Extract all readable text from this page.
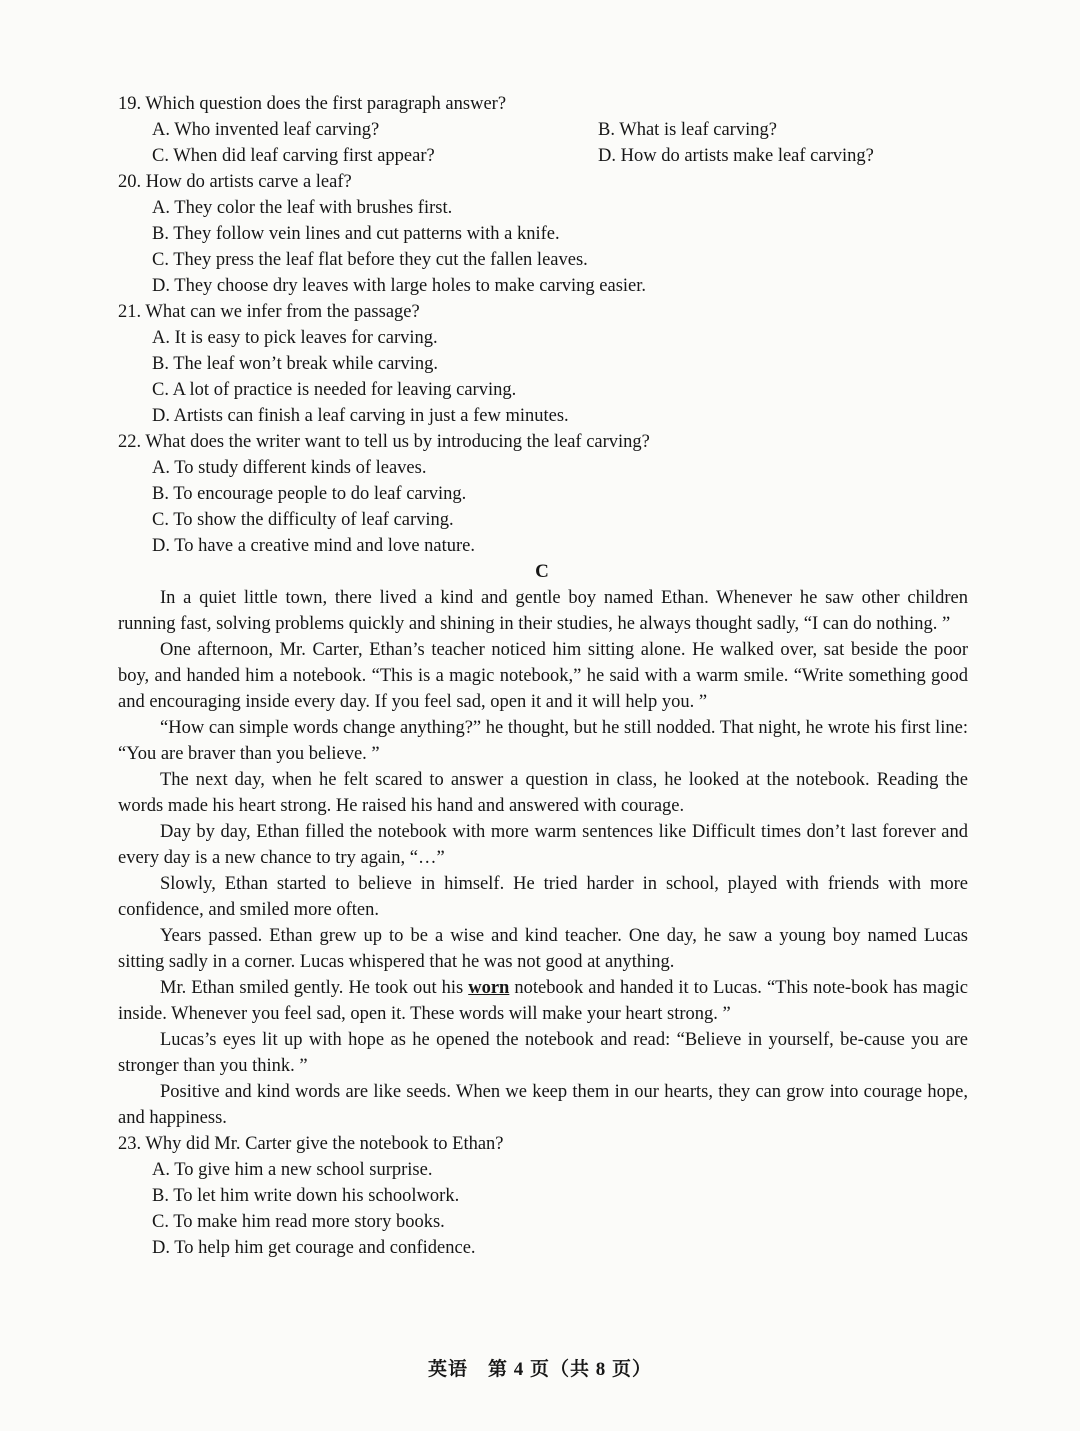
19. Which question does the first paragraph answer?
A. Who invented leaf carving?	B. What is leaf carving?
C. When did leaf carving first appear?	D. How do artists make leaf carving?
20. How do artists carve a leaf?
A. They color the leaf with brushes first.
B. They follow vein lines and cut patterns with a knife.
C. They press the leaf flat before they cut the fallen leaves.
D. They choose dry leaves with large holes to make carving easier.
21. What can we infer from the passage?
A. It is easy to pick leaves for carving.
B. The leaf won’t break while carving.
C. A lot of practice is needed for leaving carving.
D. Artists can finish a leaf carving in just a few minutes.
22. What does the writer want to tell us by introducing the leaf carving?
A. To study different kinds of leaves.
B. To encourage people to do leaf carving.
C. To show the difficulty of leaf carving.
D. To have a creative mind and love nature.
C
In a quiet little town, there lived a kind and gentle boy named Ethan. Whenever he saw other children running fast, solving problems quickly and shining in their studies, he always thought sadly, “I can do nothing. ”
One afternoon, Mr. Carter, Ethan’s teacher noticed him sitting alone. He walked over, sat beside the poor boy, and handed him a notebook. “This is a magic notebook,” he said with a warm smile. “Write something good and encouraging inside every day. If you feel sad, open it and it will help you. ”
“How can simple words change anything?” he thought, but he still nodded. That night, he wrote his first line: “You are braver than you believe. ”
The next day, when he felt scared to answer a question in class, he looked at the notebook. Reading the words made his heart strong. He raised his hand and answered with courage.
Day by day, Ethan filled the notebook with more warm sentences like Difficult times don’t last forever and every day is a new chance to try again, “…”
Slowly, Ethan started to believe in himself. He tried harder in school, played with friends with more confidence, and smiled more often.
Years passed. Ethan grew up to be a wise and kind teacher. One day, he saw a young boy named Lucas sitting sadly in a corner. Lucas whispered that he was not good at anything.
Mr. Ethan smiled gently. He took out his worn notebook and handed it to Lucas. “This note-book has magic inside. Whenever you feel sad, open it. These words will make your heart strong. ”
Lucas’s eyes lit up with hope as he opened the notebook and read: “Believe in yourself, be-cause you are stronger than you think. ”
Positive and kind words are like seeds. When we keep them in our hearts, they can grow into courage hope, and happiness.
23. Why did Mr. Carter give the notebook to Ethan?
A. To give him a new school surprise.
B. To let him write down his schoolwork.
C. To make him read more story books.
D. To help him get courage and confidence.
英语　第 4 页（共 8 页）
